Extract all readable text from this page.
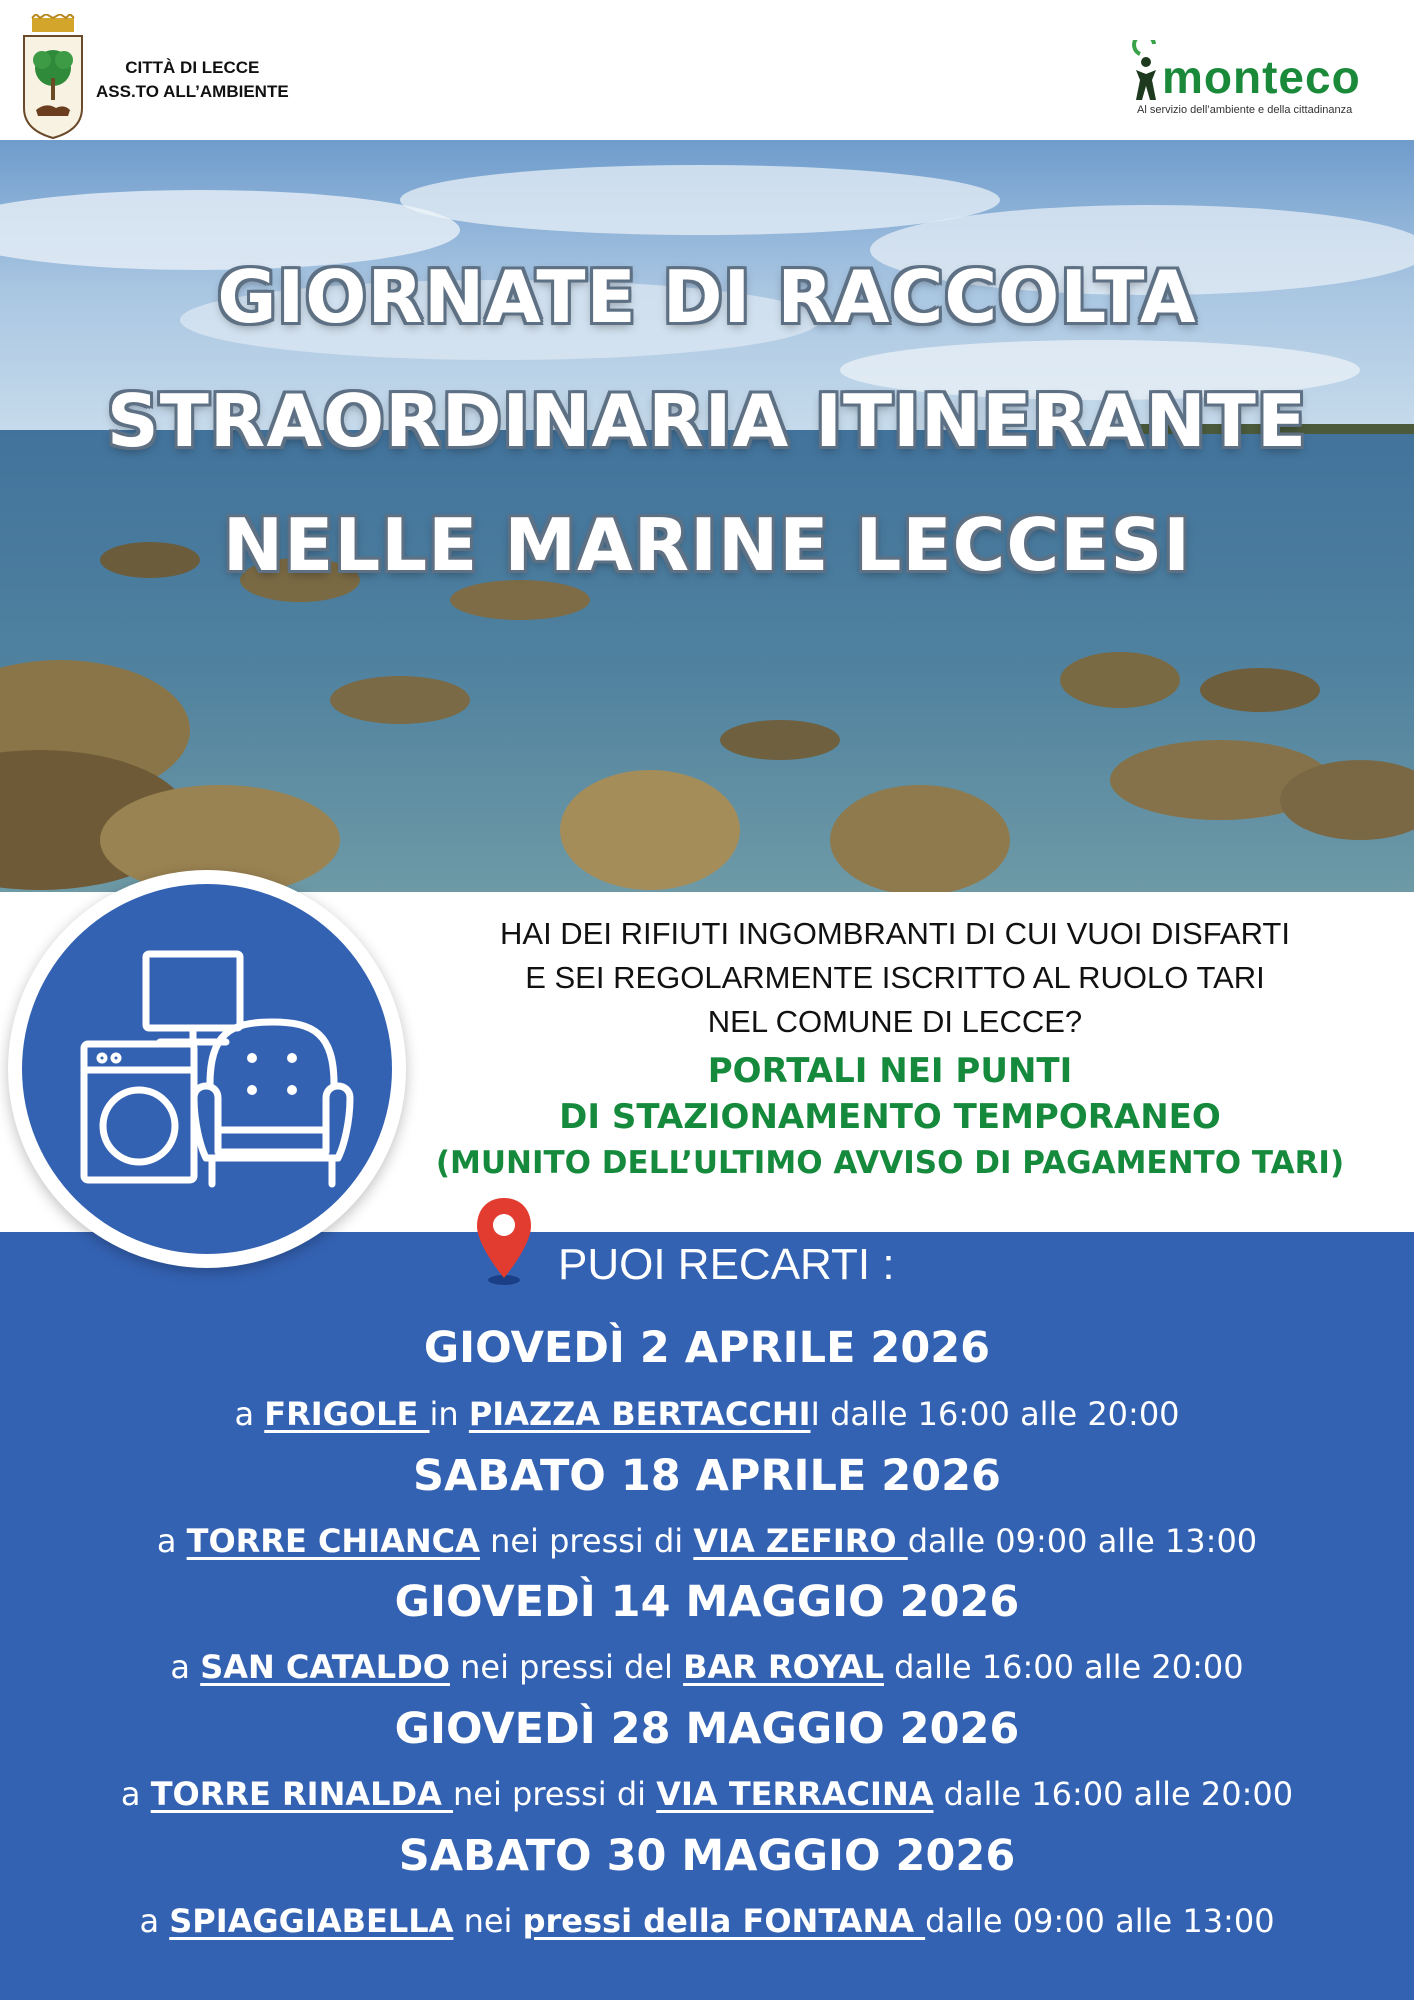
CITTÀ DI LECCE
ASS.TO ALL’AMBIENTE	monteco
Al servizio dell’ambiente e della cittadinanza
GIORNATE DI RACCOLTA
STRAORDINARIA ITINERANTE
NELLE MARINE LECCESI
HAI DEI RIFIUTI INGOMBRANTI DI CUI VUOI DISFARTI
E SEI REGOLARMENTE ISCRITTO AL RUOLO TARI
NEL COMUNE DI LECCE?
PORTALI NEI PUNTI
DI STAZIONAMENTO TEMPORANEO
(MUNITO DELL’ULTIMO AVVISO DI PAGAMENTO TARI)
PUOI RECARTI :
GIOVEDÌ 2 APRILE 2026
a FRIGOLE in PIAZZA BERTACCHII dalle 16:00 alle 20:00
SABATO 18 APRILE 2026
a TORRE CHIANCA nei pressi di VIA ZEFIRO dalle 09:00 alle 13:00
GIOVEDÌ 14 MAGGIO 2026
a SAN CATALDO nei pressi del BAR ROYAL dalle 16:00 alle 20:00
GIOVEDÌ 28 MAGGIO 2026
a TORRE RINALDA nei pressi di VIA TERRACINA dalle 16:00 alle 20:00
SABATO 30 MAGGIO 2026
a SPIAGGIABELLA nei pressi della FONTANA dalle 09:00 alle 13:00
